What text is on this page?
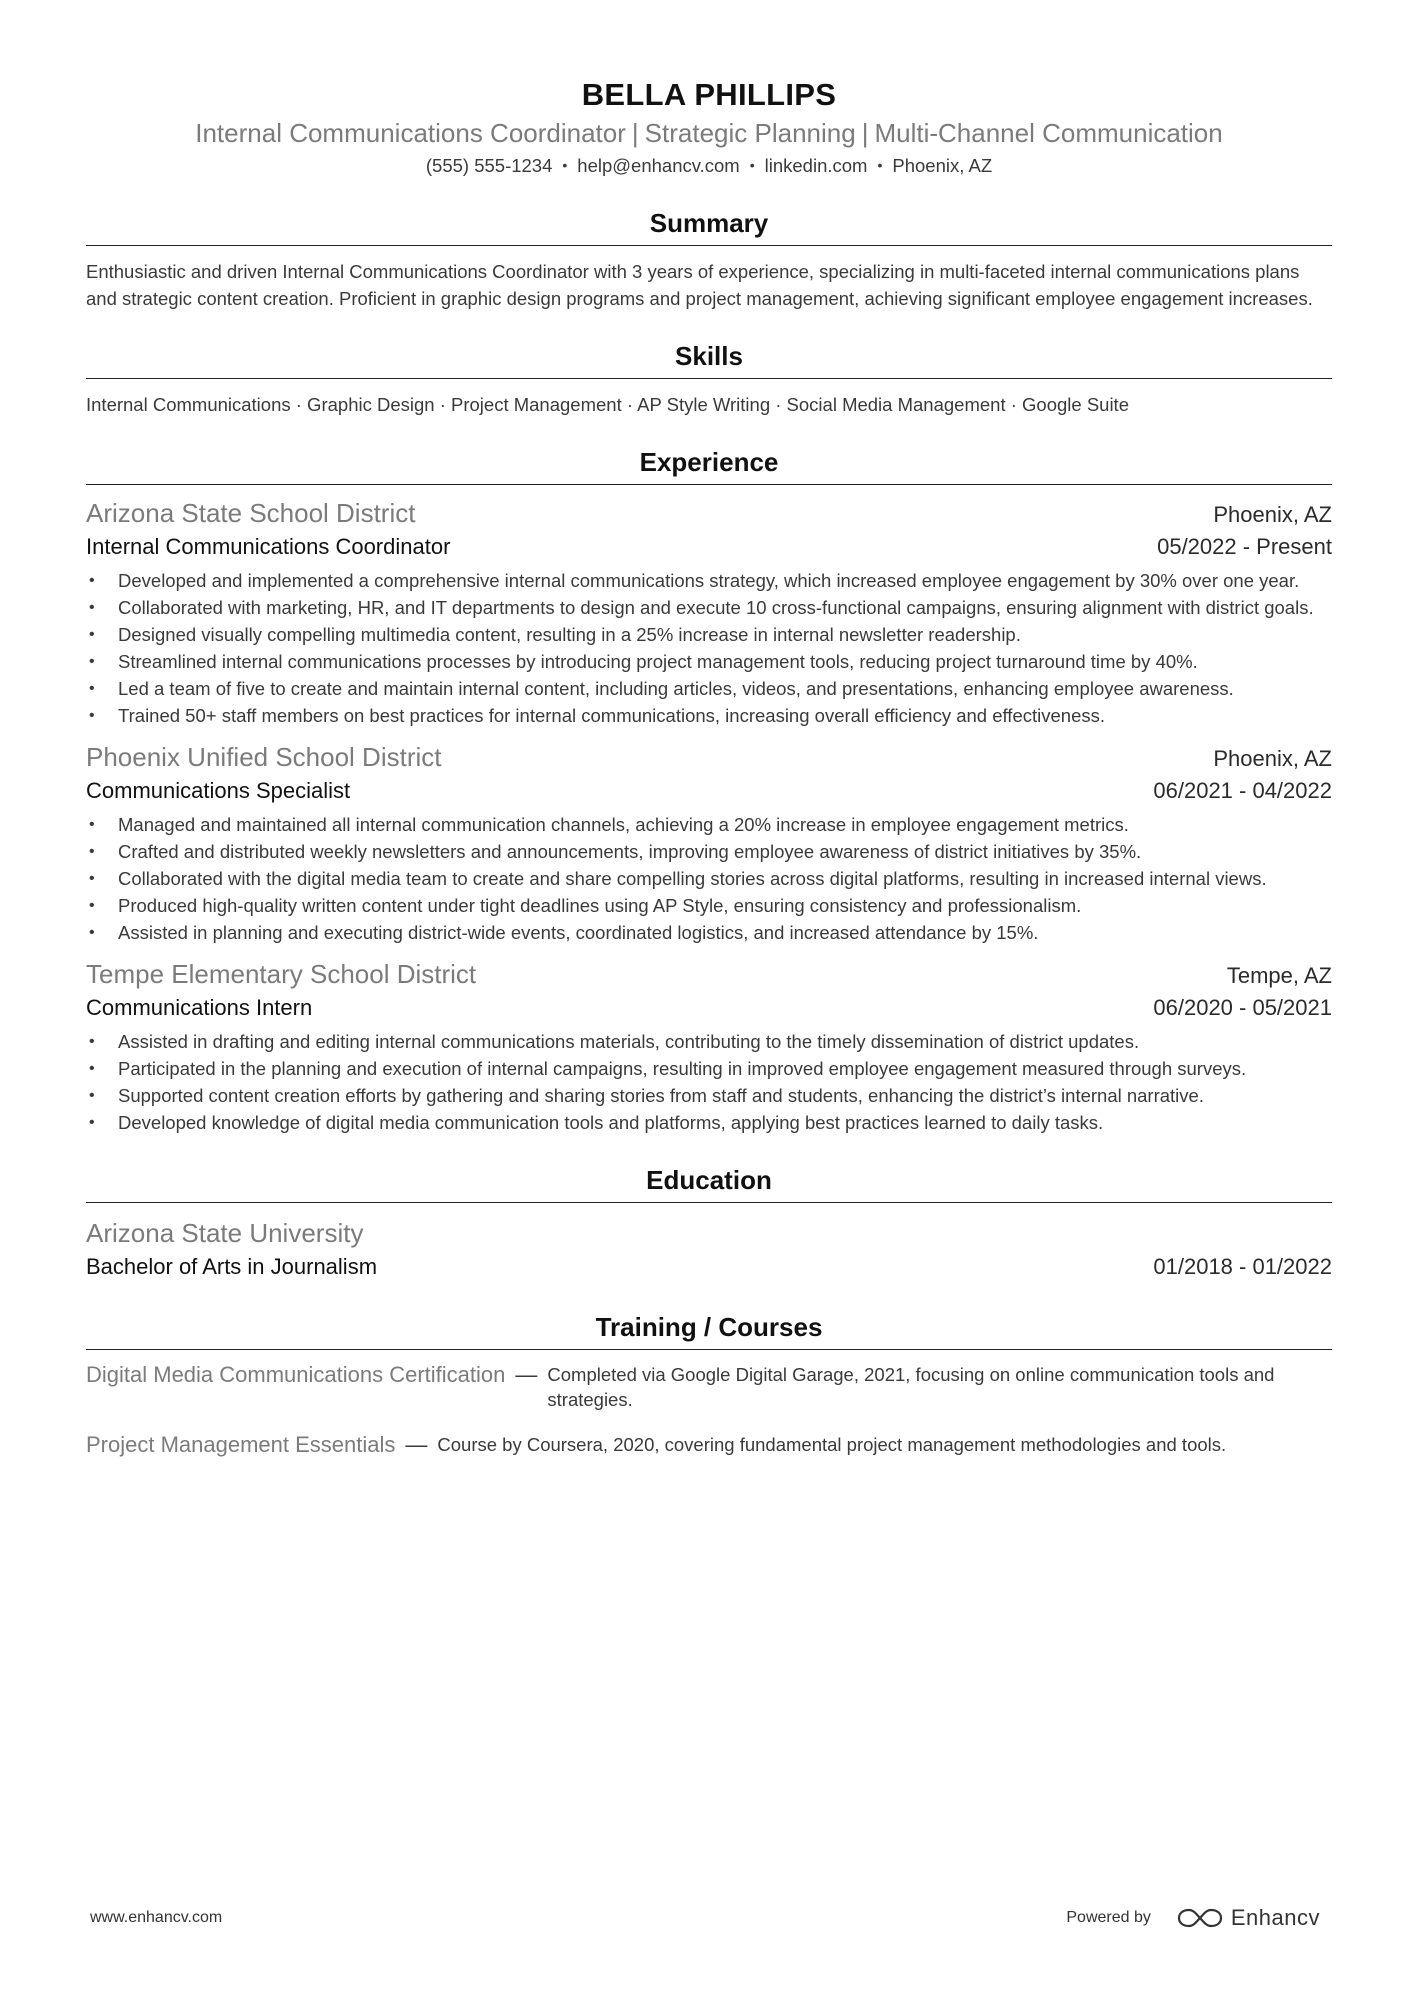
BELLA PHILLIPS
Internal Communications Coordinator | Strategic Planning | Multi-Channel Communication
(555) 555-1234 • help@enhancv.com • linkedin.com • Phoenix, AZ
Summary

Enthusiastic and driven Internal Communications Coordinator with 3 years of experience, specializing in multi-faceted internal communications plans and strategic content creation. Proficient in graphic design programs and project management, achieving significant employee engagement increases.

Skills
Internal Communications · Graphic Design · Project Management · AP Style Writing · Social Media Management · Google Suite
Experience
Arizona State School District	Phoenix, AZ
Internal Communications Coordinator	05/2022 - Present
• Developed and implemented a comprehensive internal communications strategy, which increased employee engagement by 30% over one year.
• Collaborated with marketing, HR, and IT departments to design and execute 10 cross-functional campaigns, ensuring alignment with district goals.
• Designed visually compelling multimedia content, resulting in a 25% increase in internal newsletter readership.
• Streamlined internal communications processes by introducing project management tools, reducing project turnaround time by 40%.
• Led a team of five to create and maintain internal content, including articles, videos, and presentations, enhancing employee awareness.
• Trained 50+ staff members on best practices for internal communications, increasing overall efficiency and effectiveness.
Phoenix Unified School District	Phoenix, AZ
Communications Specialist	06/2021 - 04/2022
• Managed and maintained all internal communication channels, achieving a 20% increase in employee engagement metrics.
• Crafted and distributed weekly newsletters and announcements, improving employee awareness of district initiatives by 35%.
• Collaborated with the digital media team to create and share compelling stories across digital platforms, resulting in increased internal views.
• Produced high-quality written content under tight deadlines using AP Style, ensuring consistency and professionalism.
• Assisted in planning and executing district-wide events, coordinated logistics, and increased attendance by 15%.
Tempe Elementary School District	Tempe, AZ
Communications Intern	06/2020 - 05/2021
• Assisted in drafting and editing internal communications materials, contributing to the timely dissemination of district updates.
• Participated in the planning and execution of internal campaigns, resulting in improved employee engagement measured through surveys.
• Supported content creation efforts by gathering and sharing stories from staff and students, enhancing the district’s internal narrative.
• Developed knowledge of digital media communication tools and platforms, applying best practices learned to daily tasks.
Education
Arizona State University
Bachelor of Arts in Journalism	01/2018 - 01/2022
Training / Courses
Digital Media Communications Certification — Completed via Google Digital Garage, 2021, focusing on online communication tools and strategies.
Project Management Essentials — Course by Coursera, 2020, covering fundamental project management methodologies and tools.
www.enhancv.com	Powered by	Enhancv
